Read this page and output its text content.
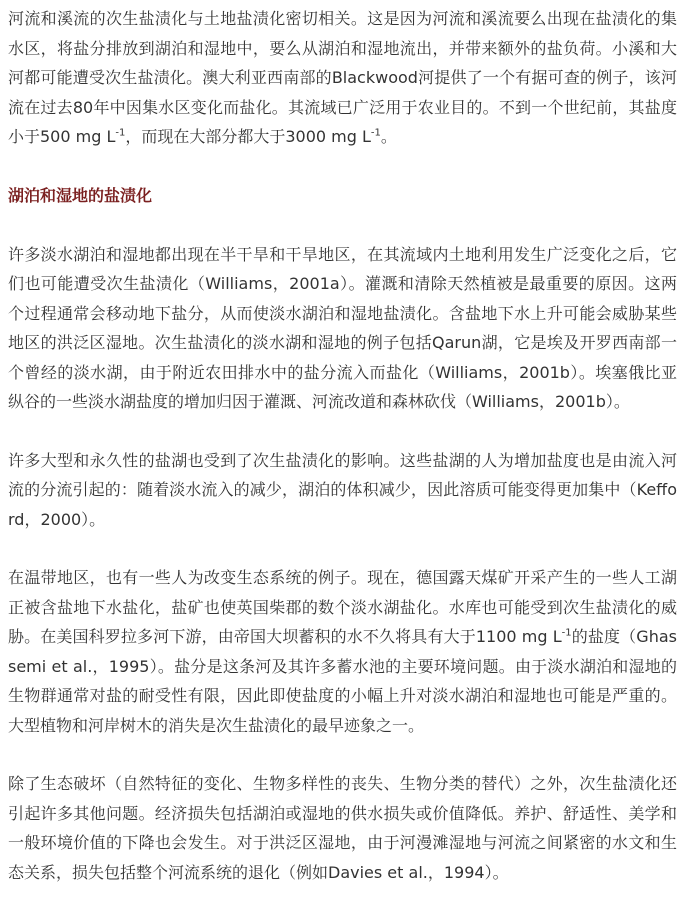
河流和溪流的次生盐渍化与土地盐渍化密切相关。这是因为河流和溪流要么出现在盐渍化的集水区，将盐分排放到湖泊和湿地中，要么从湖泊和湿地流出，并带来额外的盐负荷。小溪和大河都可能遭受次生盐渍化。澳大利亚西南部的Blackwood河提供了一个有据可查的例子，该河流在过去80年中因集水区变化而盐化。其流域已广泛用于农业目的。不到一个世纪前，其盐度小于500 mg $L^{-1}$，而现在大部分都大于3000 mg $L^{-1}$。

湖泊和湿地的盐渍化

许多淡水湖泊和湿地都出现在半干旱和干旱地区，在其流域内土地利用发生广泛变化之后，它们也可能遭受次生盐渍化（Williams，2001a）。灌溉和清除天然植被是最重要的原因。这两个过程通常会移动地下盐分，从而使淡水湖泊和湿地盐渍化。含盐地下水上升可能会威胁某些地区的洪泛区湿地。次生盐渍化的淡水湖和湿地的例子包括Qarun湖，它是埃及开罗西南部一个曾经的淡水湖，由于附近农田排水中的盐分流入而盐化（Williams，2001b）。埃塞俄比亚纵谷的一些淡水湖盐度的增加归因于灌溉、河流改道和森林砍伐（Williams，2001b）。

许多大型和永久性的盐湖也受到了次生盐渍化的影响。这些盐湖的人为增加盐度也是由流入河流的分流引起的：随着淡水流入的减少，湖泊的体积减少，因此溶质可能变得更加集中（Kefford，2000）。

在温带地区，也有一些人为改变生态系统的例子。现在，德国露天煤矿开采产生的一些人工湖正被含盐地下水盐化，盐矿也使英国柴郡的数个淡水湖盐化。水库也可能受到次生盐渍化的威胁。在美国科罗拉多河下游，由帝国大坝蓄积的水不久将具有大于1100 mg $L^{-1}$的盐度（Ghassemi et al.，1995）。盐分是这条河及其许多蓄水池的主要环境问题。由于淡水湖泊和湿地的生物群通常对盐的耐受性有限，因此即使盐度的小幅上升对淡水湖泊和湿地也可能是严重的。大型植物和河岸树木的消失是次生盐渍化的最早迹象之一。

除了生态破坏（自然特征的变化、生物多样性的丧失、生物分类的替代）之外，次生盐渍化还引起许多其他问题。经济损失包括湖泊或湿地的供水损失或价值降低。养护、舒适性、美学和一般环境价值的下降也会发生。对于洪泛区湿地，由于河漫滩湿地与河流之间紧密的水文和生态关系，损失包括整个河流系统的退化（例如Davies et al.，1994）。
